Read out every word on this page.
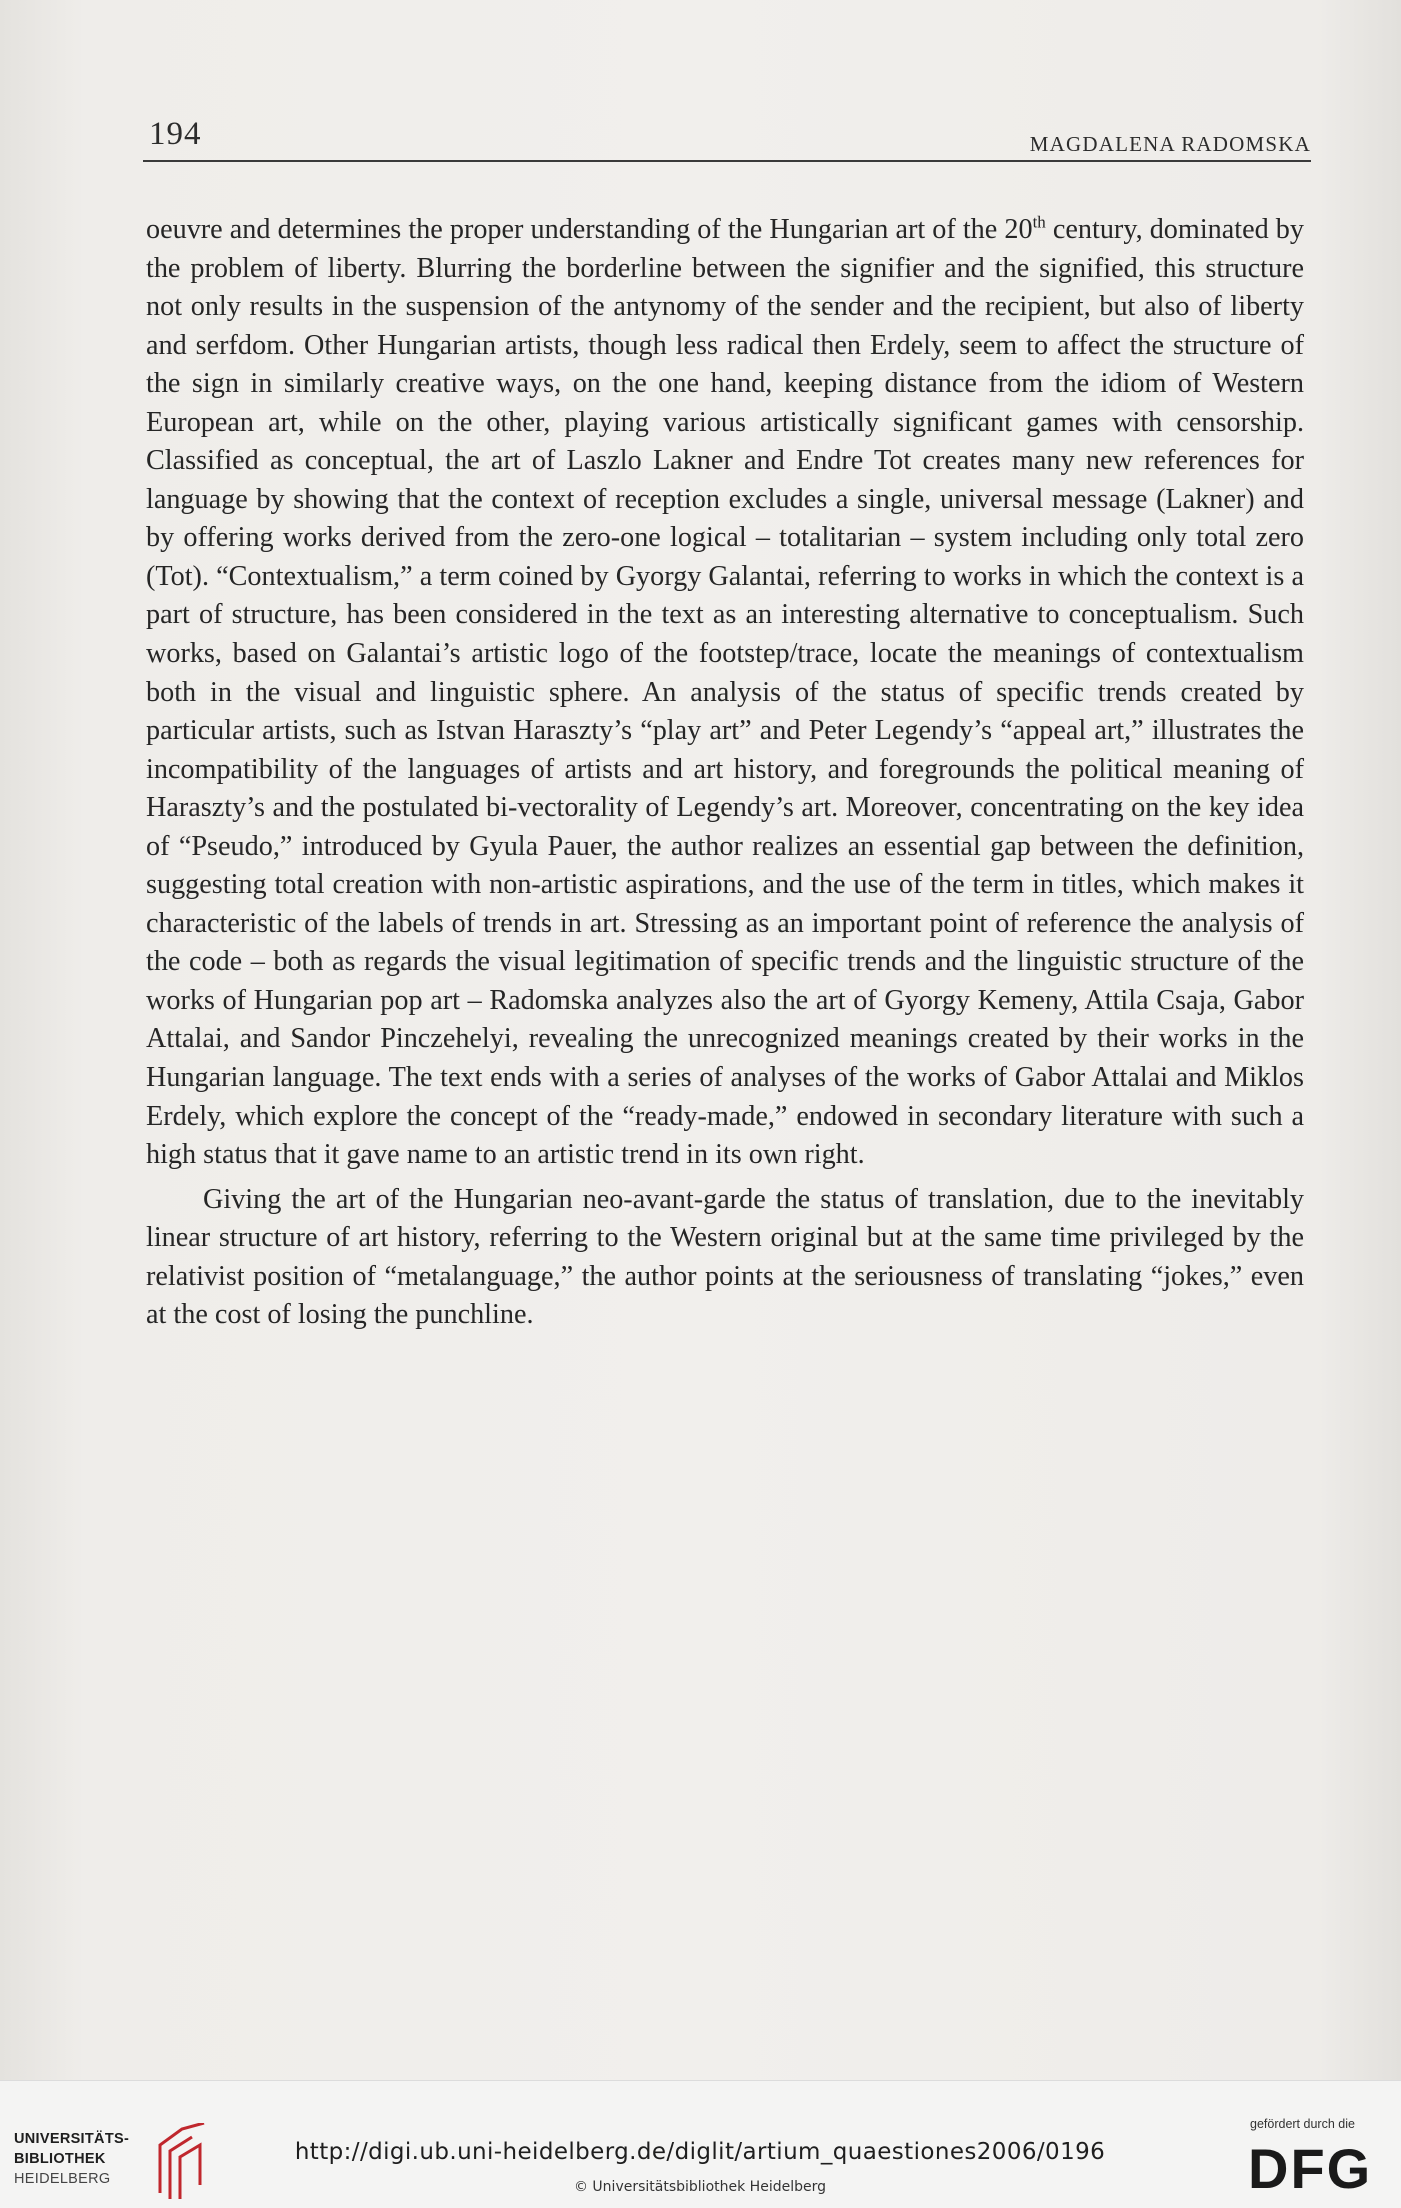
194	MAGDALENA RADOMSKA

oeuvre and determines the proper understanding of the Hungarian art of the 20th century, dominated by the problem of liberty. Blurring the borderline between the signifier and the signified, this structure not only results in the suspension of the antynomy of the sender and the recipient, but also of liberty and serfdom. Other Hungarian artists, though less radical then Erdely, seem to affect the structure of the sign in similarly creative ways, on the one hand, keeping distance from the idiom of Western European art, while on the other, playing various artistically significant games with censorship. Classified as conceptual, the art of Laszlo Lakner and Endre Tot creates many new references for language by showing that the context of reception excludes a single, universal message (Lakner) and by offering works derived from the zero-one logical – totalitarian – system including only total zero (Tot). “Contextualism,” a term coined by Gyorgy Galantai, referring to works in which the context is a part of structure, has been considered in the text as an interesting alternative to conceptualism. Such works, based on Galantai’s artistic logo of the footstep/trace, locate the meanings of contextualism both in the visual and linguistic sphere. An analysis of the status of specific trends created by particular artists, such as Istvan Haraszty’s “play art” and Peter Legendy’s “appeal art,” illustrates the incompatibility of the languages of artists and art history, and foregrounds the political meaning of Haraszty’s and the postulated bi-vectorality of Legendy’s art. Moreover, concentrating on the key idea of “Pseudo,” introduced by Gyula Pauer, the author realizes an essential gap between the definition, suggesting total creation with non-artistic aspirations, and the use of the term in titles, which makes it characteristic of the labels of trends in art. Stressing as an important point of reference the analysis of the code – both as regards the visual legitimation of specific trends and the linguistic structure of the works of Hungarian pop art – Radomska analyzes also the art of Gyorgy Kemeny, Attila Csaja, Gabor Attalai, and Sandor Pinczehelyi, revealing the unrecognized meanings created by their works in the Hungarian language. The text ends with a series of analyses of the works of Gabor Attalai and Miklos Erdely, which explore the concept of the “ready-made,” endowed in secondary literature with such a high status that it gave name to an artistic trend in its own right.

Giving the art of the Hungarian neo-avant-garde the status of translation, due to the inevitably linear structure of art history, referring to the Western original but at the same time privileged by the relativist position of “metalanguage,” the author points at the seriousness of translating “jokes,” even at the cost of losing the punchline.

UNIVERSITÄTS-
BIBLIOTHEK
HEIDELBERG
http://digi.ub.uni-heidelberg.de/diglit/artium_quaestiones2006/0196
© Universitätsbibliothek Heidelberg
gefördert durch die
DFG
